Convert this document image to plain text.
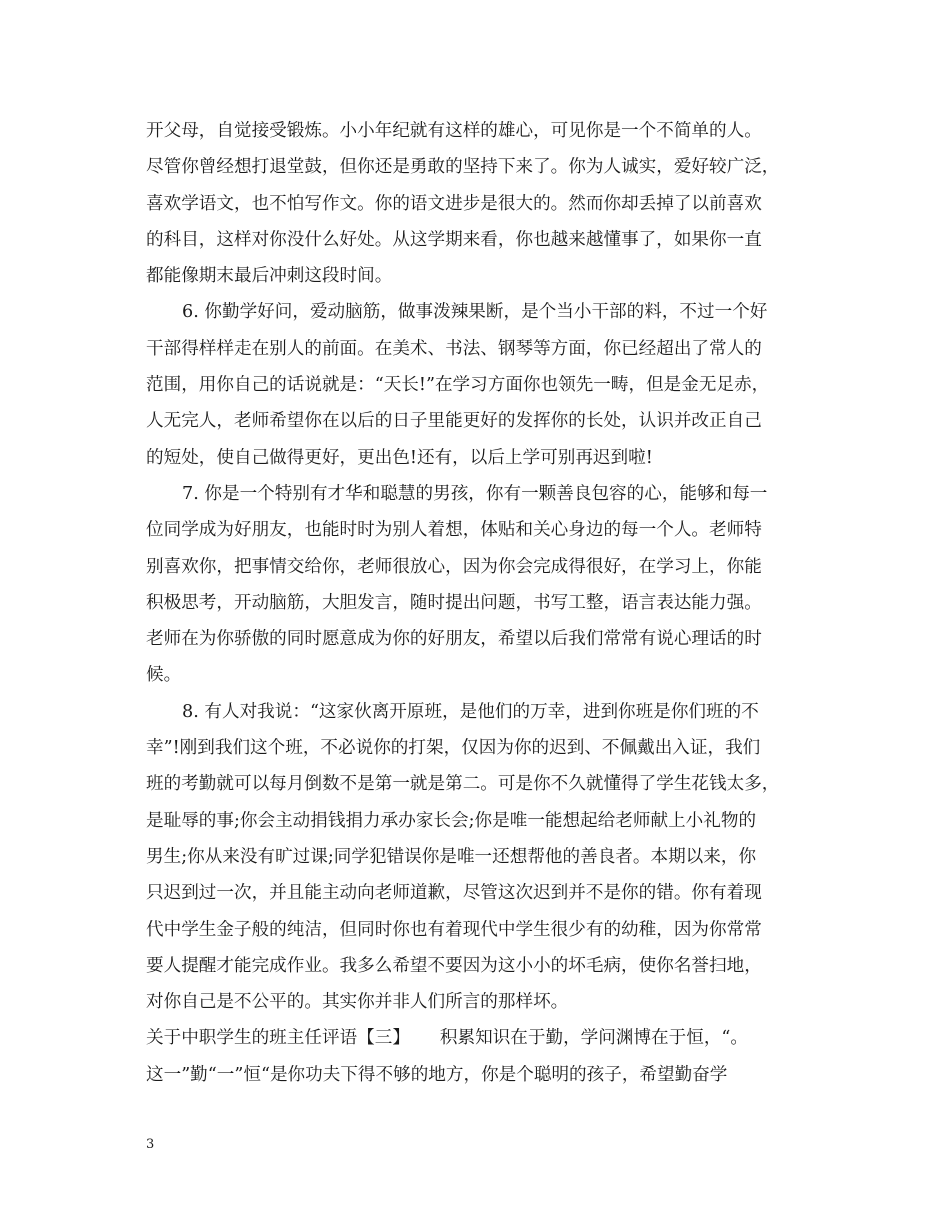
开父母，自觉接受锻炼。小小年纪就有这样的雄心，可见你是一个不简单的人。
尽管你曾经想打退堂鼓，但你还是勇敢的坚持下来了。你为人诚实，爱好较广泛，
喜欢学语文，也不怕写作文。你的语文进步是很大的。然而你却丢掉了以前喜欢
的科目，这样对你没什么好处。从这学期来看，你也越来越懂事了，如果你一直
都能像期末最后冲刺这段时间。
6. 你勤学好问，爱动脑筋，做事泼辣果断，是个当小干部的料，不过一个好
干部得样样走在别人的前面。在美术、书法、钢琴等方面，你已经超出了常人的
范围，用你自己的话说就是：“天长!”在学习方面你也领先一畴，但是金无足赤，
人无完人，老师希望你在以后的日子里能更好的发挥你的长处，认识并改正自己
的短处，使自己做得更好，更出色!还有，以后上学可别再迟到啦!
7. 你是一个特别有才华和聪慧的男孩，你有一颗善良包容的心，能够和每一
位同学成为好朋友，也能时时为别人着想，体贴和关心身边的每一个人。老师特
别喜欢你，把事情交给你，老师很放心，因为你会完成得很好，在学习上，你能
积极思考，开动脑筋，大胆发言，随时提出问题，书写工整，语言表达能力强。
老师在为你骄傲的同时愿意成为你的好朋友，希望以后我们常常有说心理话的时
候。
8. 有人对我说：“这家伙离开原班，是他们的万幸，进到你班是你们班的不
幸”!刚到我们这个班，不必说你的打架，仅因为你的迟到、不佩戴出入证，我们
班的考勤就可以每月倒数不是第一就是第二。可是你不久就懂得了学生花钱太多，
是耻辱的事;你会主动捐钱捐力承办家长会;你是唯一能想起给老师献上小礼物的
男生;你从来没有旷过课;同学犯错误你是唯一还想帮他的善良者。本期以来，你
只迟到过一次，并且能主动向老师道歉，尽管这次迟到并不是你的错。你有着现
代中学生金子般的纯洁，但同时你也有着现代中学生很少有的幼稚，因为你常常
要人提醒才能完成作业。我多么希望不要因为这小小的坏毛病，使你名誉扫地，
对你自己是不公平的。其实你并非人们所言的那样坏。
关于中职学生的班主任评语【三】 积累知识在于勤，学问渊博在于恒，“。
这一”勤“一”恒“是你功夫下得不够的地方，你是个聪明的孩子，希望勤奋学
3
